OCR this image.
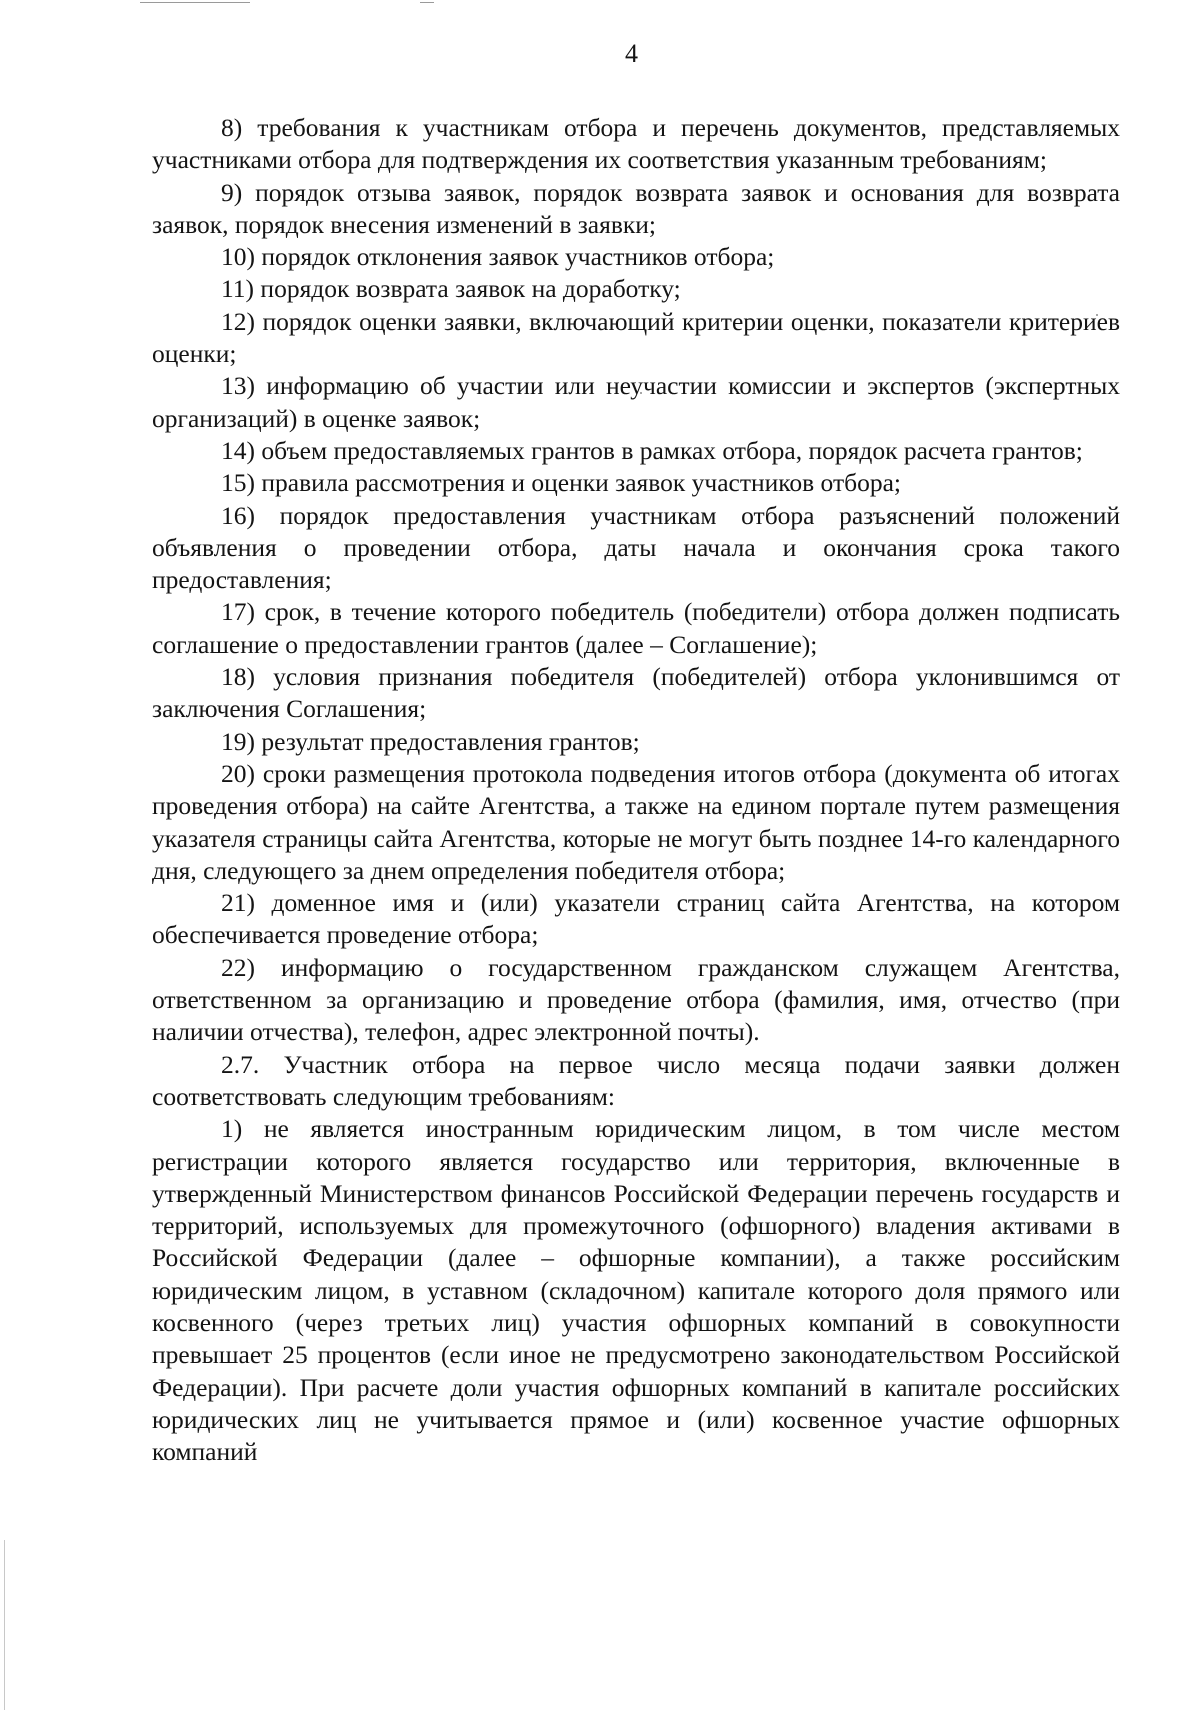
4

8) требования к участникам отбора и перечень документов, представляемых участниками отбора для подтверждения их соответствия указанным требованиям;

9) порядок отзыва заявок, порядок возврата заявок и основания для возврата заявок, порядок внесения изменений в заявки;

10) порядок отклонения заявок участников отбора;

11) порядок возврата заявок на доработку;

12) порядок оценки заявки, включающий критерии оценки, показатели критериев оценки;

13) информацию об участии или неучастии комиссии и экспертов (экспертных организаций) в оценке заявок;

14) объем предоставляемых грантов в рамках отбора, порядок расчета грантов;

15) правила рассмотрения и оценки заявок участников отбора;

16) порядок предоставления участникам отбора разъяснений положений объявления о проведении отбора, даты начала и окончания срока такого предоставления;

17) срок, в течение которого победитель (победители) отбора должен подписать соглашение о предоставлении грантов (далее – Соглашение);

18) условия признания победителя (победителей) отбора уклонившимся от заключения Соглашения;

19) результат предоставления грантов;

20) сроки размещения протокола подведения итогов отбора (документа об итогах проведения отбора) на сайте Агентства, а также на едином портале путем размещения указателя страницы сайта Агентства, которые не могут быть позднее 14-го календарного дня, следующего за днем определения победителя отбора;

21) доменное имя и (или) указатели страниц сайта Агентства, на котором обеспечивается проведение отбора;

22) информацию о государственном гражданском служащем Агентства, ответственном за организацию и проведение отбора (фамилия, имя, отчество (при наличии отчества), телефон, адрес электронной почты).

2.7. Участник отбора на первое число месяца подачи заявки должен соответствовать следующим требованиям:

1) не является иностранным юридическим лицом, в том числе местом регистрации которого является государство или территория, включенные в утвержденный Министерством финансов Российской Федерации перечень государств и территорий, используемых для промежуточного (офшорного) владения активами в Российской Федерации (далее – офшорные компании), а также российским юридическим лицом, в уставном (складочном) капитале которого доля прямого или косвенного (через третьих лиц) участия офшорных компаний в совокупности превышает 25 процентов (если иное не предусмотрено законодательством Российской Федерации). При расчете доли участия офшорных компаний в капитале российских юридических лиц не учитывается прямое и (или) косвенное участие офшорных компаний
